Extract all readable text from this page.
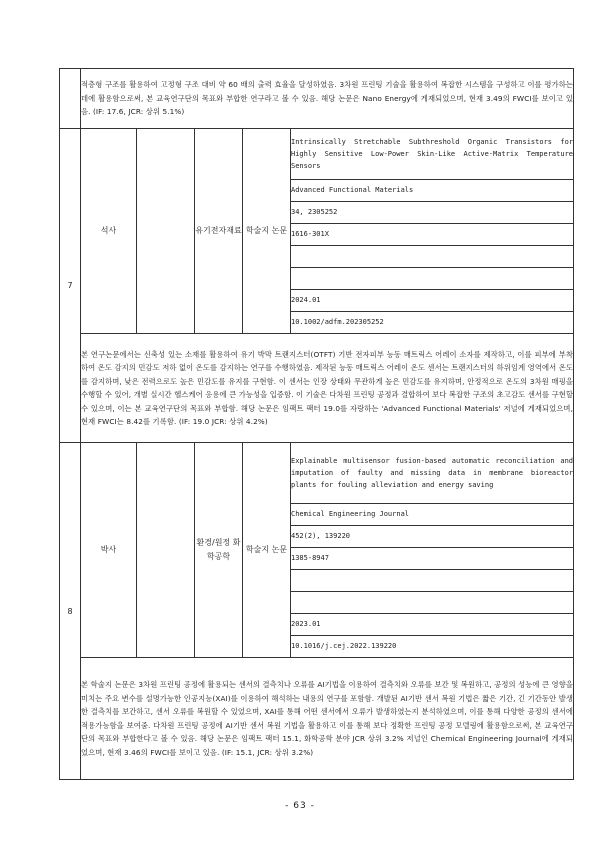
	적층형 구조를 활용하여 고정형 구조 대비 약 60 배의 출력 효율을 달성하였음. 3차원 프린팅 기술을 활용하여 복잡한 시스템을 구성하고 이를 평가하는 데에 활용함으로써, 본 교육연구단의 목표와 부합한 연구라고 볼 수 있음. 해당 논문은 Nano Energy에 게재되었으며, 현재 3.49의 FWCI를 보이고 있음. (IF: 17.6, JCR: 상위 5.1%)				
7	석사		유기전자재료	학술지 논문	Intrinsically Stretchable Subthreshold Organic Transistors for Highly Sensitive Low-Power Skin-Like Active-Matrix Temperature Sensors
					Advanced Functional Materials
					34, 2305252
					1616-301X

					2024.01
					10.1002/adfm.202305252
	본 연구논문에서는 신축성 있는 소재를 활용하여 유기 박막 트랜지스터(OTFT) 기반 전자피부 능동 매트릭스 어레이 소자를 제작하고, 이를 피부에 부착하여 온도 감지의 민감도 저하 없이 온도를 감지하는 연구를 수행하였음. 제작된 능동 매트릭스 어레이 온도 센서는 트랜지스터의 하위임계 영역에서 온도를 감지하며, 낮은 전력으로도 높은 민감도를 유지를 구현함. 이 센서는 인장 상태와 무관하게 높은 민감도를 유지하며, 안정적으로 온도의 3차원 매핑을 수행할 수 있어, 개별 실시간 헬스케어 응용에 큰 가능성을 입증함. 이 기술은 다차원 프린팅 공정과 결합하여 보다 복잡한 구조의 초고감도 센서를 구현할 수 있으며, 이는 본 교육연구단의 목표와 부합함. 해당 논문은 임팩트 팩터 19.0를 자랑하는 'Advanced Functional Materials' 저널에 게재되었으며, 현재 FWCI는 8.42를 기록함. (IF: 19.0 JCR: 상위 4.2%)				
8	박사		환경/원정 화학공학	학술지 논문	Explainable multisensor fusion-based automatic reconciliation and imputation of faulty and missing data in membrane bioreactor plants for fouling alleviation and energy saving
					Chemical Engineering Journal
					452(2), 139220
					1385-8947

					2023.01
					10.1016/j.cej.2022.139220
	본 학술지 논문은 3차원 프린팅 공정에 활용되는 센서의 결측치나 오류를 AI기법을 이용하여 결측치와 오류를 보간 및 복원하고, 공정의 성능에 큰 영향을 미치는 주요 변수를 설명가능한 인공지능(XAI)를 이용하여 해석하는 내용의 연구를 포함함. 개발된 AI기반 센서 복원 기법은 짧은 기간, 긴 기간동안 발생한 결측치를 보간하고, 센서 오류를 복원할 수 있었으며, XAI를 통해 어떤 센서에서 오류가 발생하였는지 분석하였으며, 이를 통해 다양한 공정의 센서에 적용가능함을 보여줌. 다차원 프린팅 공정에 AI기반 센서 복원 기법을 활용하고 이를 통해 보다 정확한 프린팅 공정 모델링에 활용함으로써, 본 교육연구단의 목표와 부합한다고 볼 수 있음. 해당 논문은 임팩트 팩터 15.1, 화학공학 분야 JCR 상위 3.2% 저널인 Chemical Engineering Journal에 게재되었으며, 현재 3.46의 FWCI를 보이고 있음. (IF: 15.1, JCR: 상위 3.2%)				
- 63 -
